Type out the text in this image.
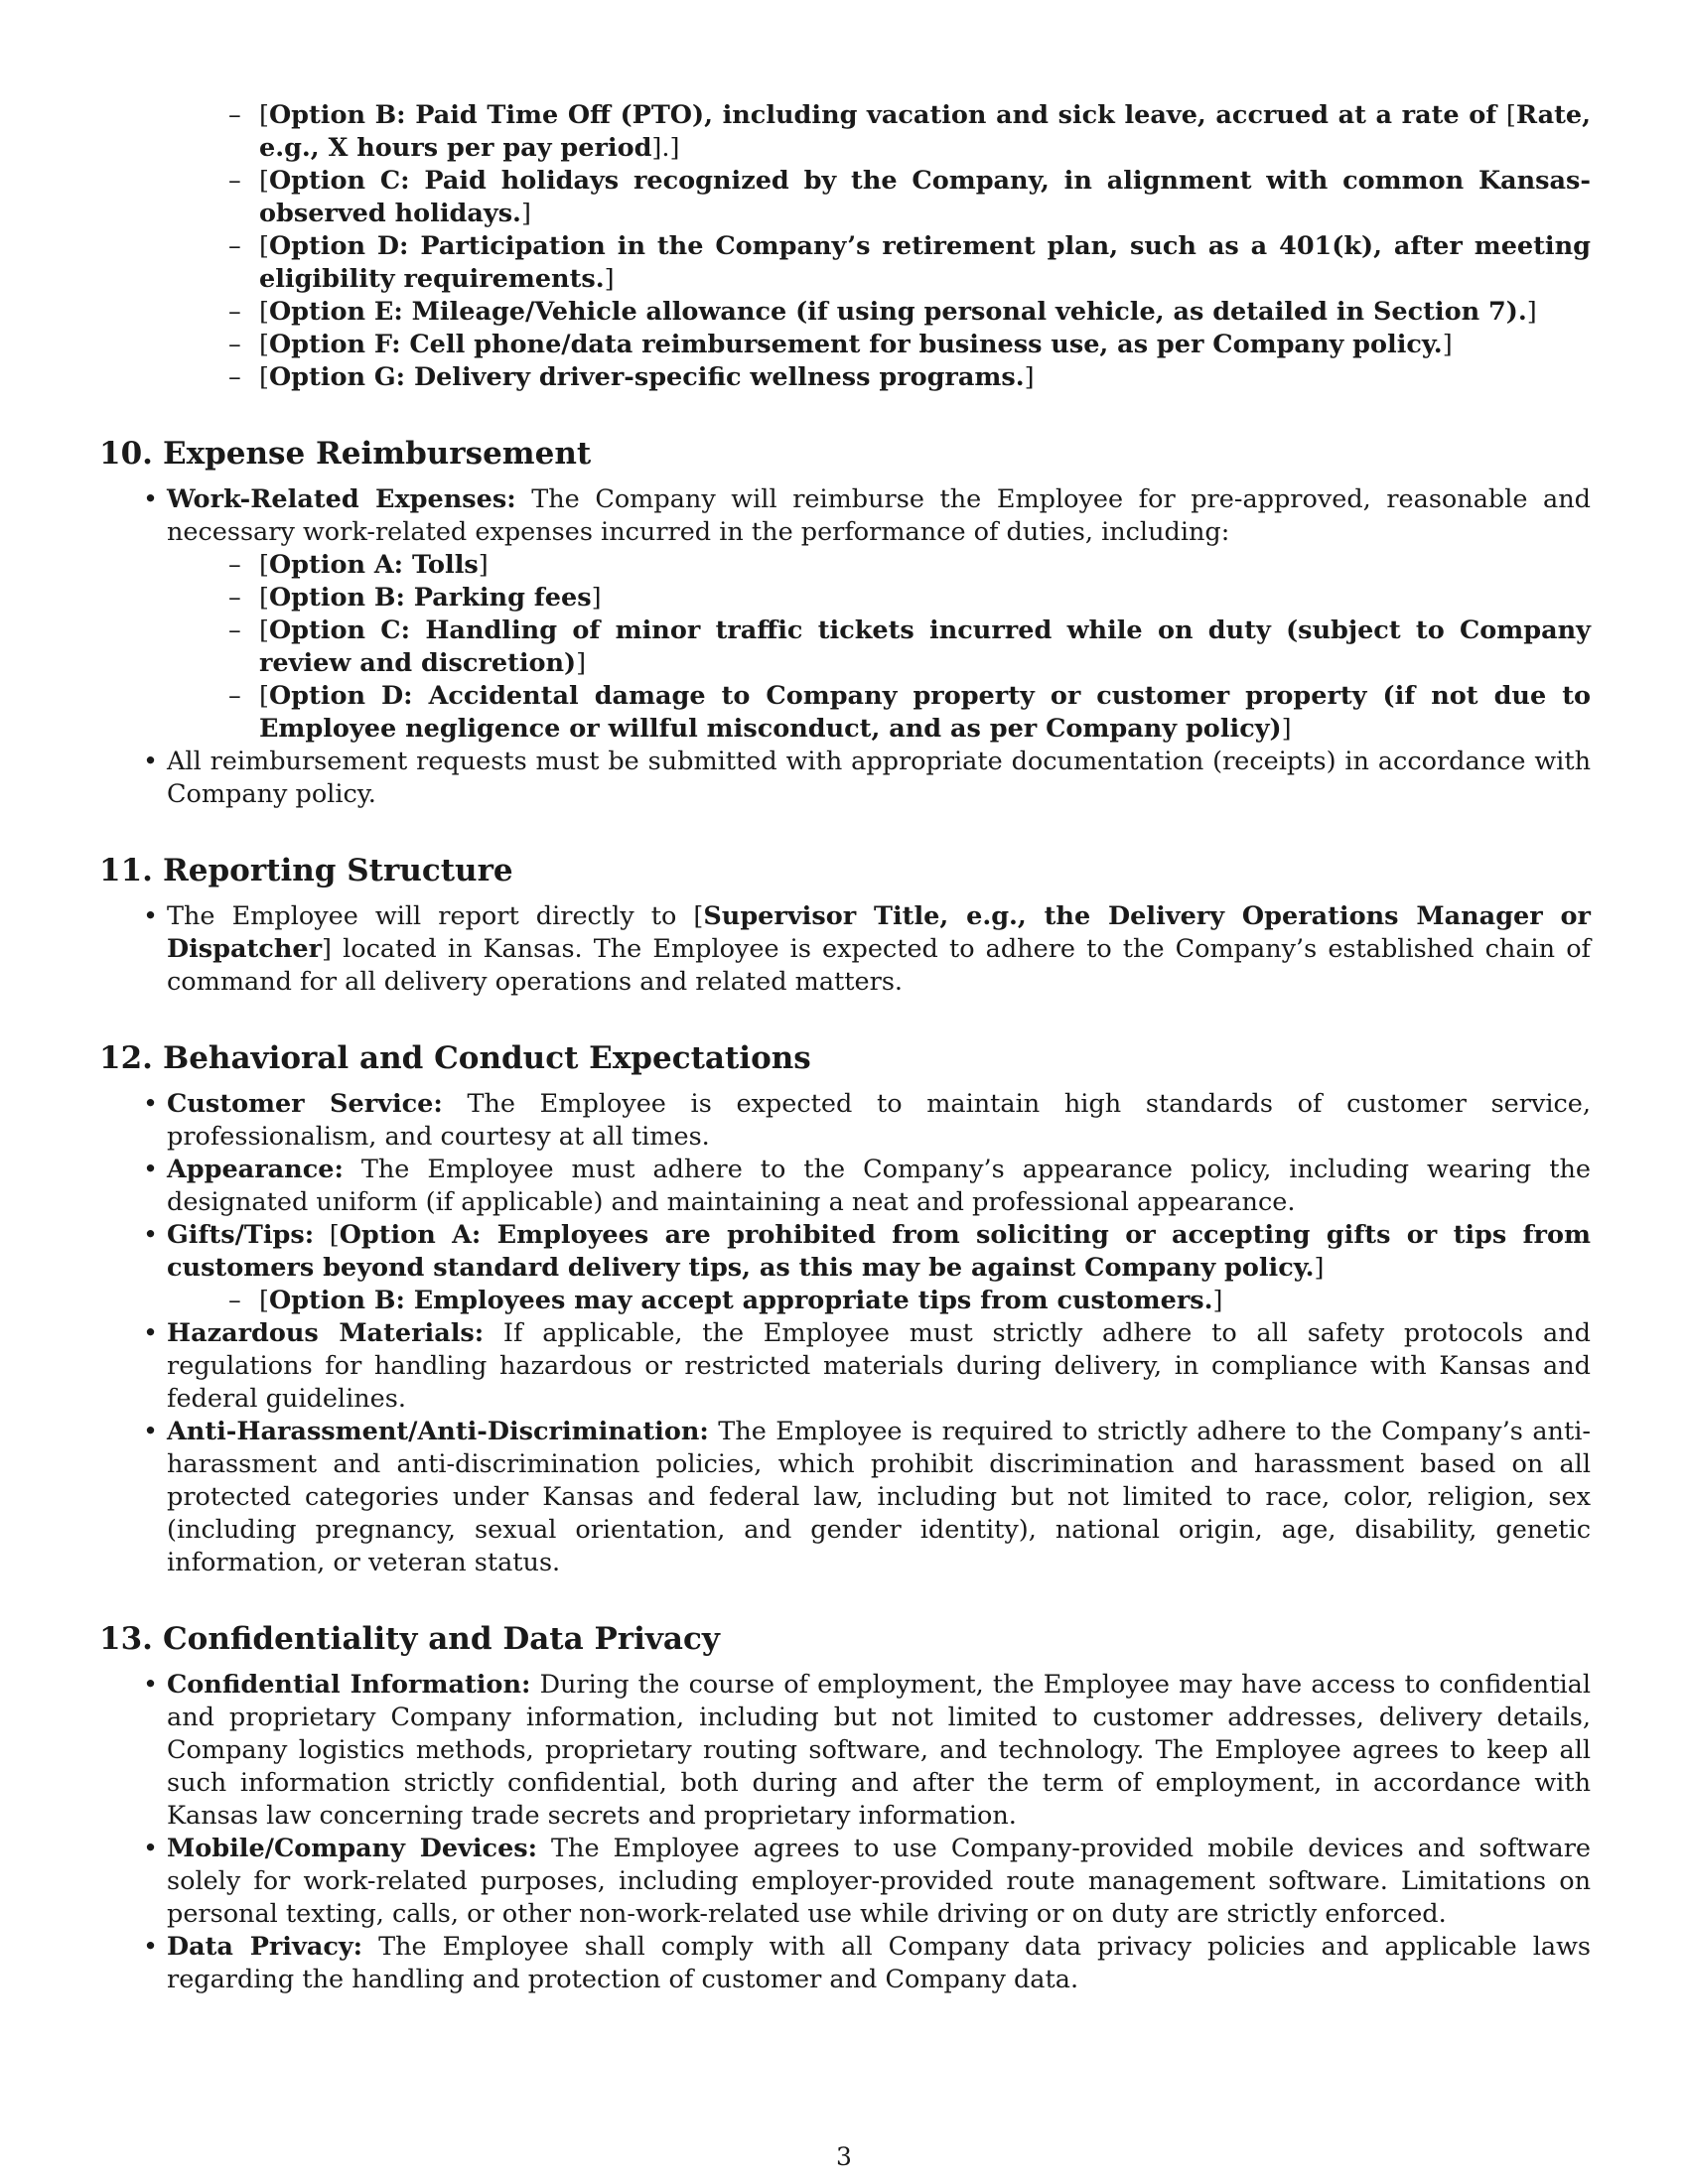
– [Option B: Paid Time Off (PTO), including vacation and sick leave, accrued at a rate of [Rate, e.g., X hours per pay period].]
– [Option C: Paid holidays recognized by the Company, in alignment with common Kansas-observed holidays.]
– [Option D: Participation in the Company’s retirement plan, such as a 401(k), after meeting eligibility requirements.]
– [Option E: Mileage/Vehicle allowance (if using personal vehicle, as detailed in Section 7).]
– [Option F: Cell phone/data reimbursement for business use, as per Company policy.]
– [Option G: Delivery driver-specific wellness programs.]
10. Expense Reimbursement
• Work-Related Expenses: The Company will reimburse the Employee for pre-approved, reasonable and necessary work-related expenses incurred in the performance of duties, including:
– [Option A: Tolls]
– [Option B: Parking fees]
– [Option C: Handling of minor traffic tickets incurred while on duty (subject to Company review and discretion)]
– [Option D: Accidental damage to Company property or customer property (if not due to Employee negligence or willful misconduct, and as per Company policy)]
• All reimbursement requests must be submitted with appropriate documentation (receipts) in accordance with Company policy.
11. Reporting Structure
• The Employee will report directly to [Supervisor Title, e.g., the Delivery Operations Manager or Dispatcher] located in Kansas. The Employee is expected to adhere to the Company’s established chain of command for all delivery operations and related matters.
12. Behavioral and Conduct Expectations
• Customer Service: The Employee is expected to maintain high standards of customer service, professionalism, and courtesy at all times.
• Appearance: The Employee must adhere to the Company’s appearance policy, including wearing the designated uniform (if applicable) and maintaining a neat and professional appearance.
• Gifts/Tips: [Option A: Employees are prohibited from soliciting or accepting gifts or tips from customers beyond standard delivery tips, as this may be against Company policy.]
– [Option B: Employees may accept appropriate tips from customers.]
• Hazardous Materials: If applicable, the Employee must strictly adhere to all safety protocols and regulations for handling hazardous or restricted materials during delivery, in compliance with Kansas and federal guidelines.
• Anti-Harassment/Anti-Discrimination: The Employee is required to strictly adhere to the Company’s anti-harassment and anti-discrimination policies, which prohibit discrimination and harassment based on all protected categories under Kansas and federal law, including but not limited to race, color, religion, sex (including pregnancy, sexual orientation, and gender identity), national origin, age, disability, genetic information, or veteran status.
13. Confidentiality and Data Privacy
• Confidential Information: During the course of employment, the Employee may have access to confidential and proprietary Company information, including but not limited to customer addresses, delivery details, Company logistics methods, proprietary routing software, and technology. The Employee agrees to keep all such information strictly confidential, both during and after the term of employment, in accordance with Kansas law concerning trade secrets and proprietary information.
• Mobile/Company Devices: The Employee agrees to use Company-provided mobile devices and software solely for work-related purposes, including employer-provided route management software. Limitations on personal texting, calls, or other non-work-related use while driving or on duty are strictly enforced.
• Data Privacy: The Employee shall comply with all Company data privacy policies and applicable laws regarding the handling and protection of customer and Company data.
3
